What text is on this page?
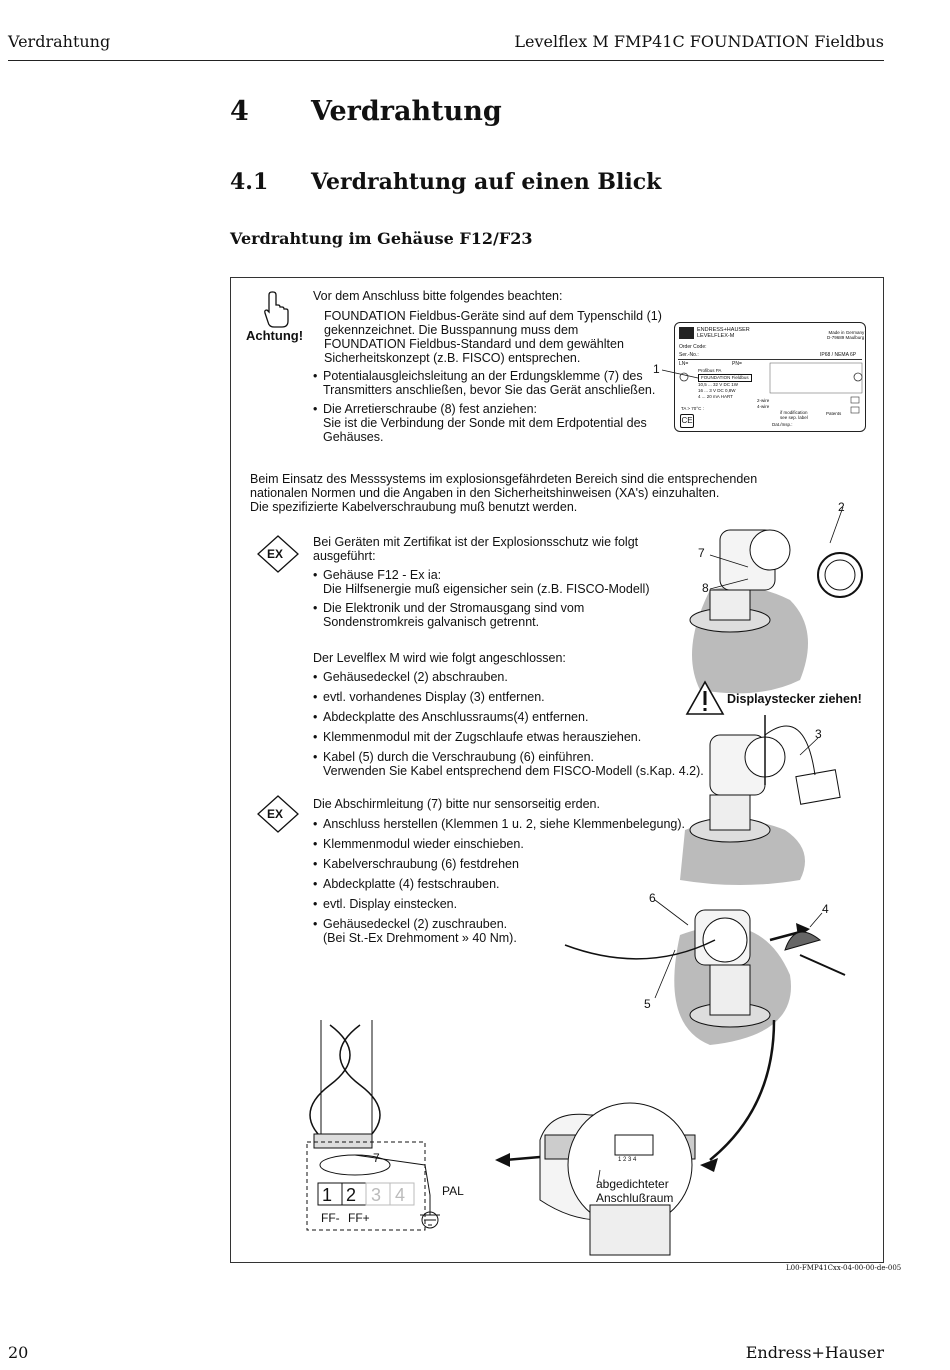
Verdrahtung	Levelflex M FMP41C FOUNDATION Fieldbus
4 Verdrahtung
4.1 Verdrahtung auf einen Blick
Verdrahtung im Gehäuse F12/F23
Achtung!
Vor dem Anschluss bitte folgendes beachten:
FOUNDATION Fieldbus-Geräte sind auf dem Typenschild (1)
gekennzeichnet. Die Busspannung muss dem
FOUNDATION Fieldbus-Standard und dem gewählten
Sicherheitskonzept (z.B. FISCO) entsprechen.
• Potentialausgleichsleitung an der Erdungsklemme (7) des
Transmitters anschließen, bevor Sie das Gerät anschließen.
• Die Arretierschraube (8) fest anziehen:
Sie ist die Verbindung der Sonde mit dem Erdpotential des
Gehäuses.
1
ENDRESS+HAUSER
LEVELFLEX-M
Made in Germany
D-79689 Maulburg
Order Code:
Ser.-No.:	IP68 / NEMA 6P
LN=	PN=
Profibus PA
FOUNDATION Fieldbus
10,5 ... 32 V DC 1W
16 ... 3 V DC 0,8W
4 ... 20 mA HART
2-wire
4-wire
TA > 70°C :
CE
if modification
see sep. label
Patents
Dat./Insp.:
Beim Einsatz des Messsystems im explosionsgefährdeten Bereich sind die entsprechenden
nationalen Normen und die Angaben in den Sicherheitshinweisen (XA's) einzuhalten.
Die spezifizierte Kabelverschraubung muß benutzt werden.
EX
Bei Geräten mit Zertifikat ist der Explosionsschutz wie folgt
ausgeführt:
• Gehäuse F12 - Ex ia:
Die Hilfsenergie muß eigensicher sein (z.B. FISCO-Modell)
• Die Elektronik und der Stromausgang sind vom
Sondenstromkreis galvanisch getrennt.
Der Levelflex M wird wie folgt angeschlossen:
• Gehäusedeckel (2) abschrauben.
• evtl. vorhandenes Display (3) entfernen.
• Abdeckplatte des Anschlussraums(4) entfernen.
• Klemmenmodul mit der Zugschlaufe etwas herausziehen.
• Kabel (5) durch die Verschraubung (6) einführen.
Verwenden Sie Kabel entsprechend dem FISCO-Modell (s.Kap. 4.2).
EX
Die Abschirmleitung (7) bitte nur sensorseitig erden.
• Anschluss herstellen (Klemmen 1 u. 2, siehe Klemmenbelegung).
• Klemmenmodul wieder einschieben.
• Kabelverschraubung (6) festdrehen
• Abdeckplatte (4) festschrauben.
• evtl. Display einstecken.
• Gehäusedeckel (2) zuschrauben.
(Bei St.-Ex Drehmoment » 40 Nm).
2
7
8
3
6
4
5
Displaystecker ziehen!
1 2 3 4
FF- FF+
PAL
7	1 2 3 4
abgedichteter
Anschlußraum
L00-FMP41Cxx-04-00-00-de-005
20	Endress+Hauser
